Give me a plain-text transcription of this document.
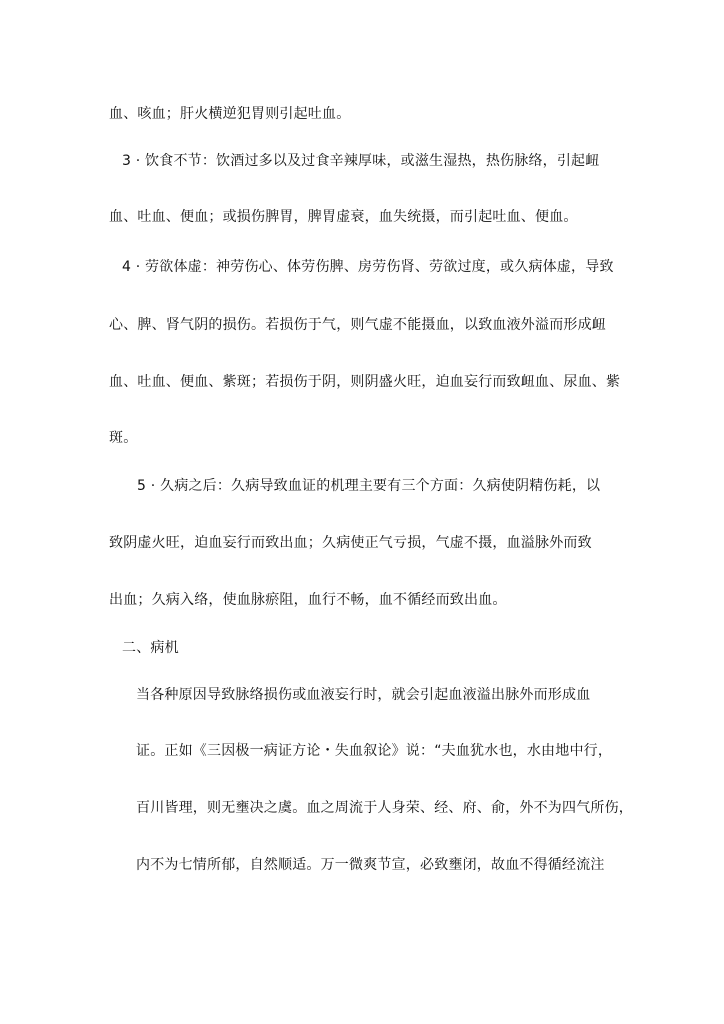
血、咳血；肝火横逆犯胃则引起吐血。
3 · 饮食不节：饮酒过多以及过食辛辣厚味，或滋生湿热，热伤脉络，引起衄
血、吐血、便血；或损伤脾胃，脾胃虚衰，血失统摄，而引起吐血、便血。
4 · 劳欲体虚：神劳伤心、体劳伤脾、房劳伤肾、劳欲过度，或久病体虚，导致
心、脾、肾气阴的损伤。若损伤于气，则气虚不能摄血，以致血液外溢而形成衄
血、吐血、便血、紫斑；若损伤于阴，则阴盛火旺，迫血妄行而致衄血、尿血、紫
斑。
5 · 久病之后：久病导致血证的机理主要有三个方面：久病使阴精伤耗，以
致阴虚火旺，迫血妄行而致出血；久病使正气亏损，气虚不摄，血溢脉外而致
出血；久病入络，使血脉瘀阻，血行不畅，血不循经而致出血。
二、病机
当各种原因导致脉络损伤或血液妄行时，就会引起血液溢出脉外而形成血
证。正如《三因极一病证方论・失血叙论》说：“夫血犹水也，水由地中行，
百川皆理，则无壅决之虞。血之周流于人身荣、经、府、俞，外不为四气所伤，
内不为七情所郁，自然顺适。万一微爽节宣，必致壅闭，故血不得循经流注
